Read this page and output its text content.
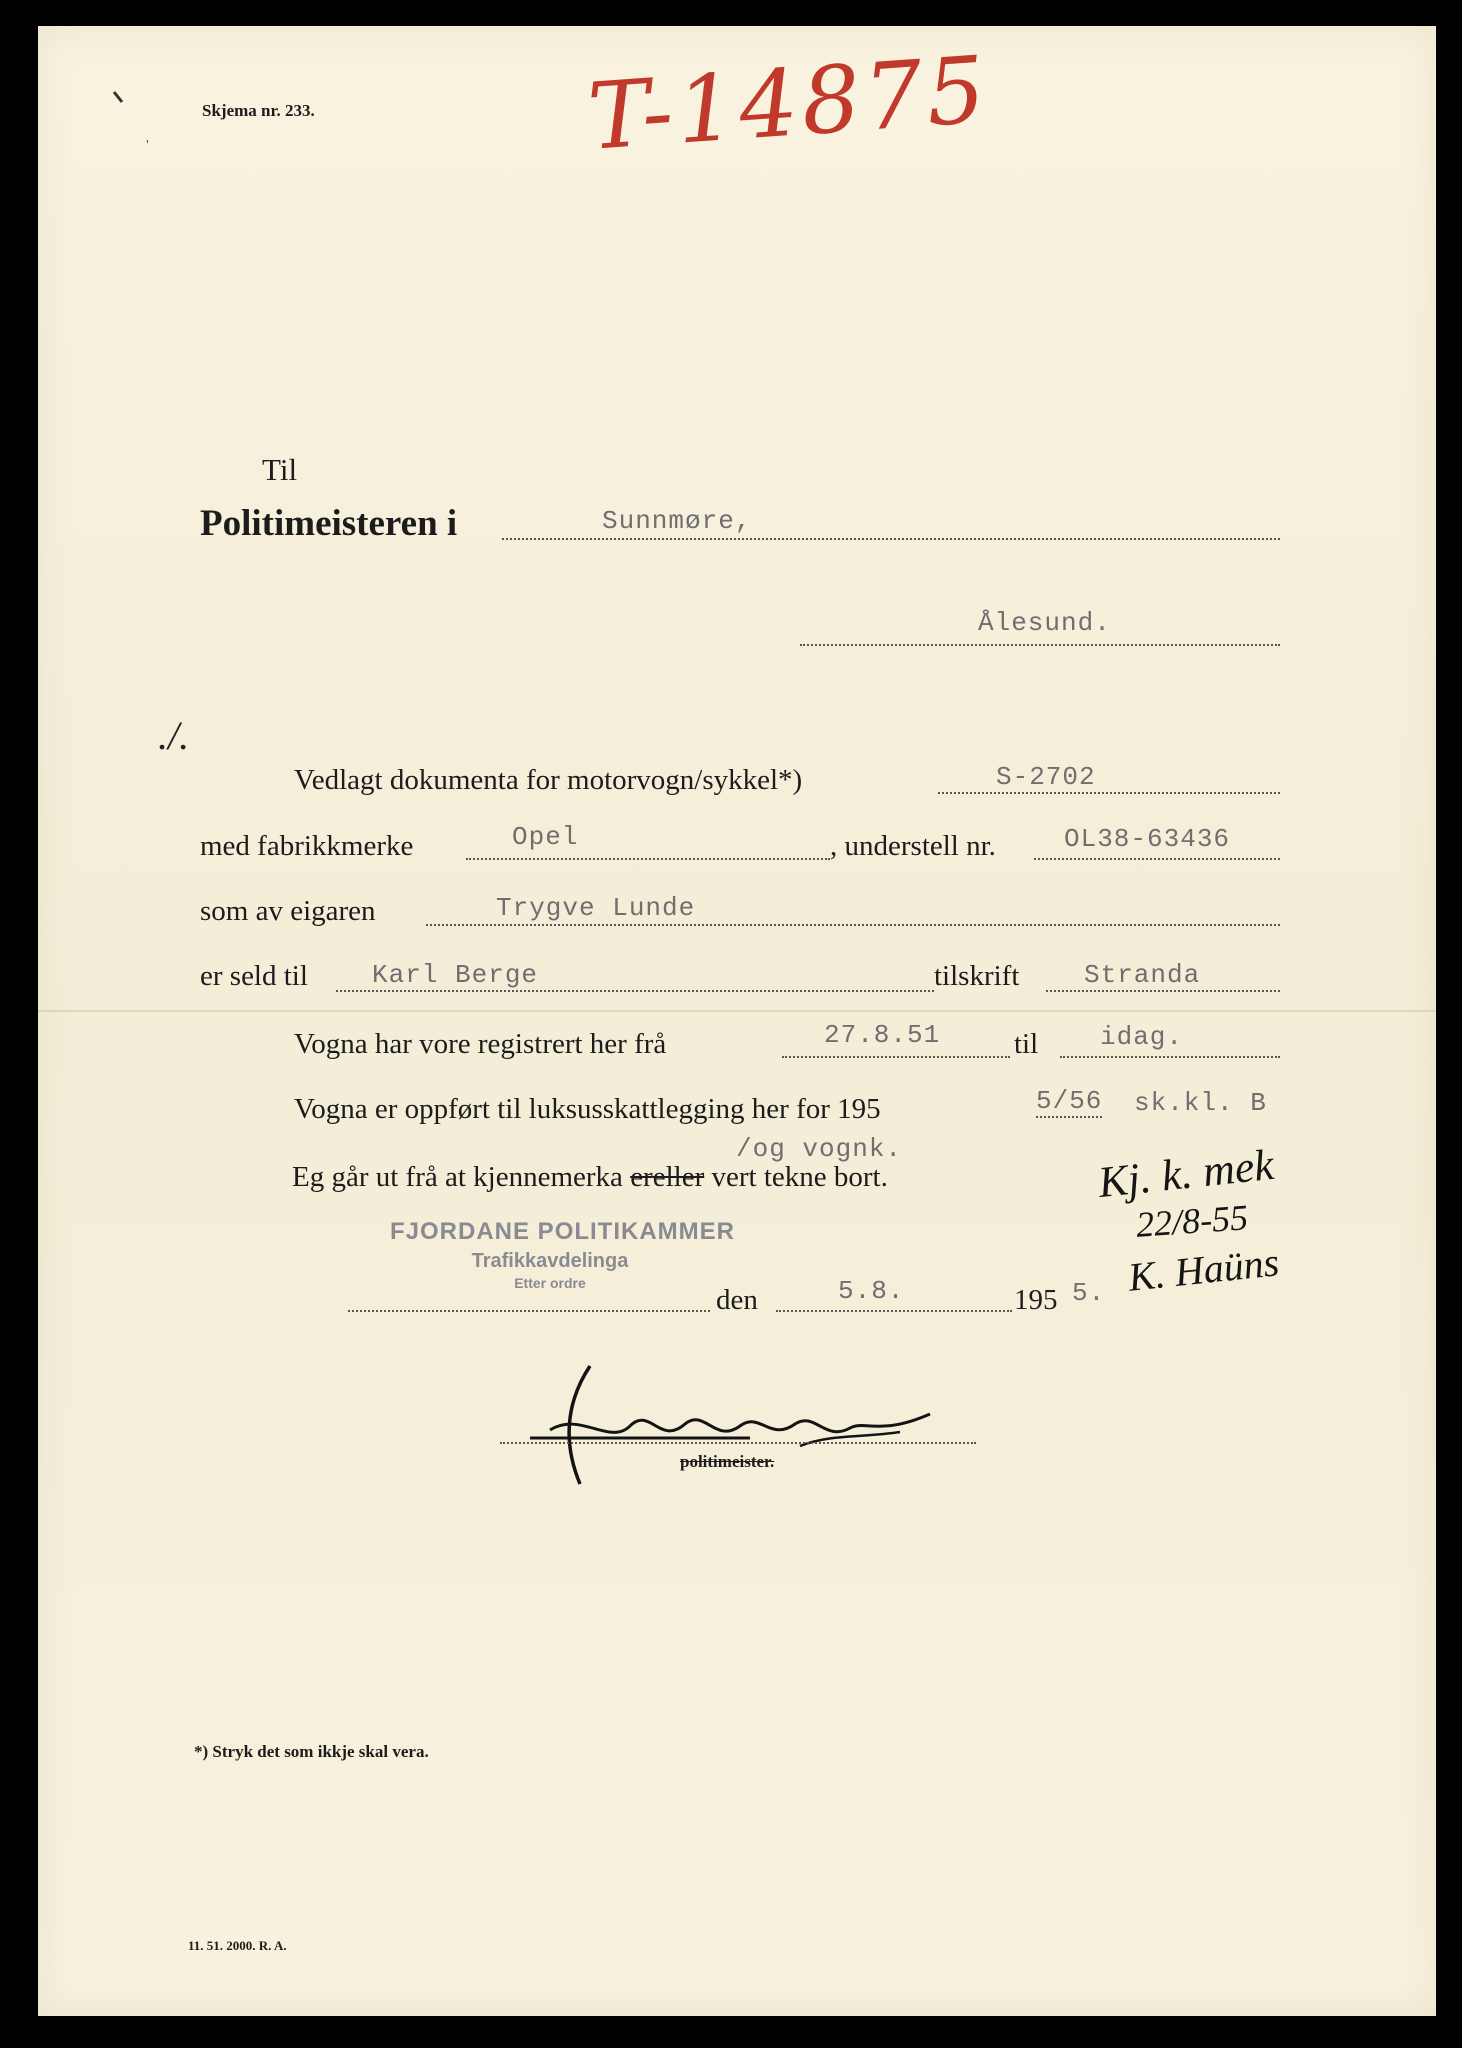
Skjema nr. 233.	T-14875
Til
Politimeisteren i	Sunnmøre,
Ålesund.
./.
Vedlagt dokumenta for motorvogn/sykkel*)	S-2702
med fabrikkmerke	Opel	, understell nr.	OL38-63436
som av eigaren	Trygve Lunde
er seld til Karl Berge	tilskrift Stranda
Vogna har vore registrert her frå	27.8.51	til idag.
Vogna er oppført til luksusskattlegging her for 195	5/56 sk.kl. B
/og vognk.
Eg går ut frå at kjennemerka ereller vert tekne bort.	Kj. k. mek
22/8-55
K. Haüns
FJORDANE POLITIKAMMER
Trafikkavdelinga
Etter ordre
den	5.8.	195 5.
politimeister.
*) Stryk det som ikkje skal vera.
11. 51. 2000. R. A.
